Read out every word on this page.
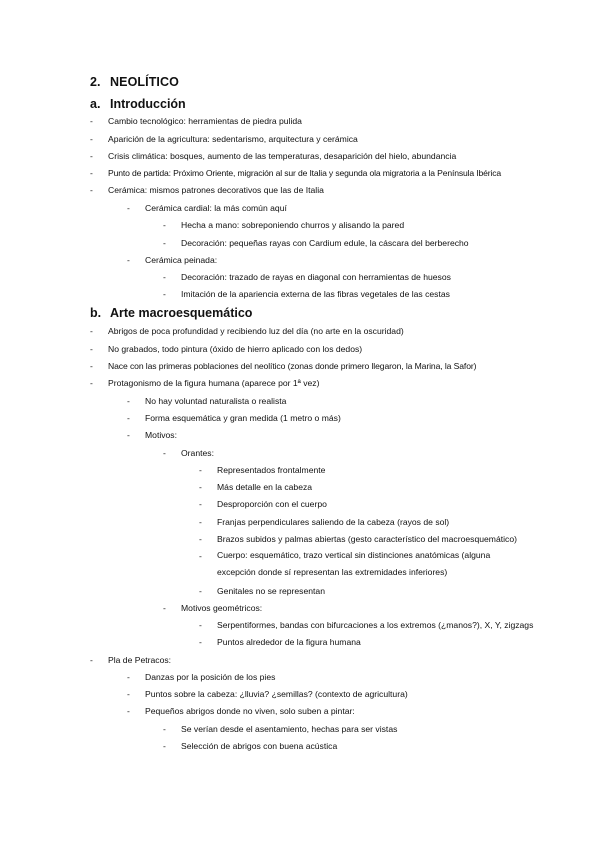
2. NEOLÍTICO
a. Introducción
- Cambio tecnológico: herramientas de piedra pulida
- Aparición de la agricultura: sedentarismo, arquitectura y cerámica
- Crisis climática: bosques, aumento de las temperaturas, desaparición del hielo, abundancia
- Punto de partida: Próximo Oriente, migración al sur de Italia y segunda ola migratoria a la Península Ibérica
- Cerámica: mismos patrones decorativos que las de Italia
- Cerámica cardial: la más común aquí
- Hecha a mano: sobreponiendo churros y alisando la pared
- Decoración: pequeñas rayas con Cardium edule, la cáscara del berberecho
- Cerámica peinada:
- Decoración: trazado de rayas en diagonal con herramientas de huesos
- Imitación de la apariencia externa de las fibras vegetales de las cestas
b. Arte macroesquemático
- Abrigos de poca profundidad y recibiendo luz del día (no arte en la oscuridad)
- No grabados, todo pintura (óxido de hierro aplicado con los dedos)
- Nace con las primeras poblaciones del neolítico (zonas donde primero llegaron, la Marina, la Safor)
- Protagonismo de la figura humana (aparece por 1ª vez)
- No hay voluntad naturalista o realista
- Forma esquemática y gran medida (1 metro o más)
- Motivos:
- Orantes:
- Representados frontalmente
- Más detalle en la cabeza
- Desproporción con el cuerpo
- Franjas perpendiculares saliendo de la cabeza (rayos de sol)
- Brazos subidos y palmas abiertas (gesto característico del macroesquemático)
- Cuerpo: esquemático, trazo vertical sin distinciones anatómicas (alguna excepción donde sí representan las extremidades inferiores)
- Genitales no se representan
- Motivos geométricos:
- Serpentiformes, bandas con bifurcaciones a los extremos (¿manos?), X, Y, zigzags
- Puntos alrededor de la figura humana
- Pla de Petracos:
- Danzas por la posición de los pies
- Puntos sobre la cabeza: ¿lluvia? ¿semillas? (contexto de agricultura)
- Pequeños abrigos donde no viven, solo suben a pintar:
- Se verían desde el asentamiento, hechas para ser vistas
- Selección de abrigos con buena acústica
